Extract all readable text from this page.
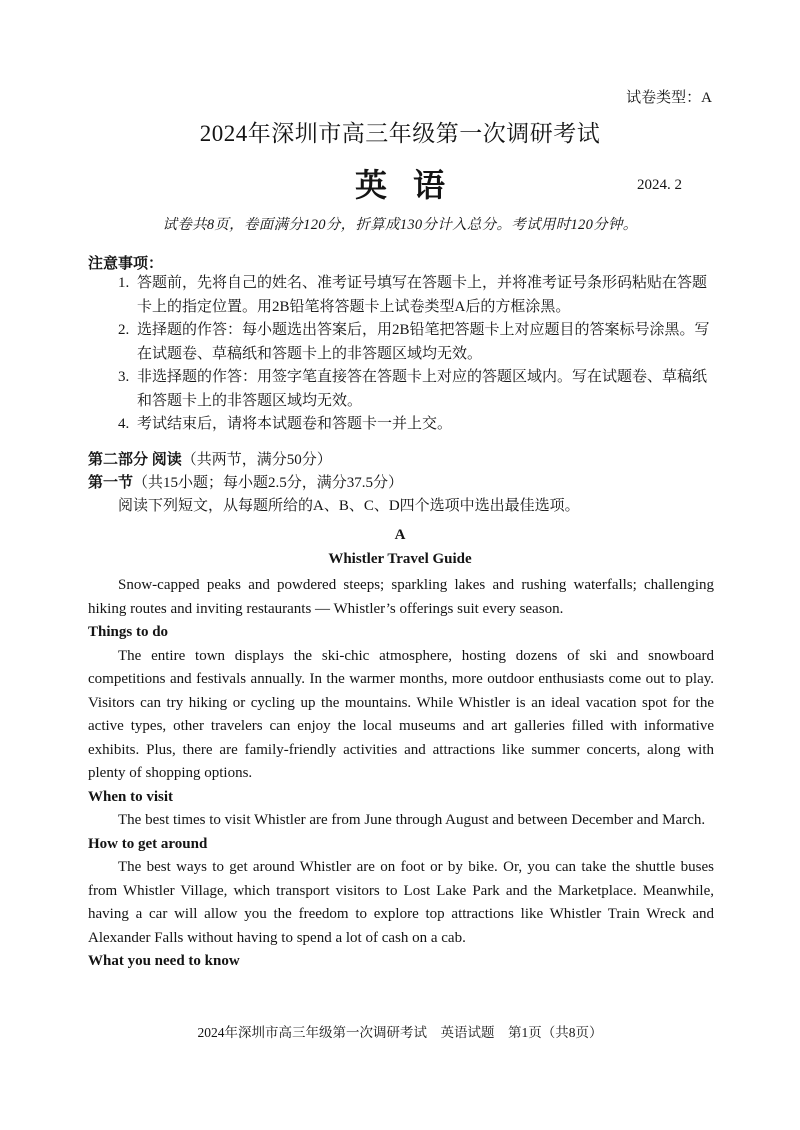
试卷类型：A
2024年深圳市高三年级第一次调研考试
英语	2024. 2
试卷共8页，卷面满分120分，折算成130分计入总分。考试用时120分钟。
注意事项：
1. 答题前，先将自己的姓名、准考证号填写在答题卡上，并将准考证号条形码粘贴在答题卡上的指定位置。用2B铅笔将答题卡上试卷类型A后的方框涂黑。
2. 选择题的作答：每小题选出答案后，用2B铅笔把答题卡上对应题目的答案标号涂黑。写在试题卷、草稿纸和答题卡上的非答题区域均无效。
3. 非选择题的作答：用签字笔直接答在答题卡上对应的答题区域内。写在试题卷、草稿纸和答题卡上的非答题区域均无效。
4. 考试结束后，请将本试题卷和答题卡一并上交。
第二部分 阅读（共两节，满分50分）
第一节（共15小题；每小题2.5分，满分37.5分）
阅读下列短文，从每题所给的A、B、C、D四个选项中选出最佳选项。
A
Whistler Travel Guide

Snow-capped peaks and powdered steeps; sparkling lakes and rushing waterfalls; challenging hiking routes and inviting restaurants — Whistler’s offerings suit every season.

Things to do

The entire town displays the ski-chic atmosphere, hosting dozens of ski and snowboard competitions and festivals annually. In the warmer months, more outdoor enthusiasts come out to play. Visitors can try hiking or cycling up the mountains. While Whistler is an ideal vacation spot for the active types, other travelers can enjoy the local museums and art galleries filled with informative exhibits. Plus, there are family-friendly activities and attractions like summer concerts, along with plenty of shopping options.

When to visit

The best times to visit Whistler are from June through August and between December and March.

How to get around

The best ways to get around Whistler are on foot or by bike. Or, you can take the shuttle buses from Whistler Village, which transport visitors to Lost Lake Park and the Marketplace. Meanwhile, having a car will allow you the freedom to explore top attractions like Whistler Train Wreck and Alexander Falls without having to spend a lot of cash on a cab.

What you need to know
2024年深圳市高三年级第一次调研考试　英语试题　第1页（共8页）
